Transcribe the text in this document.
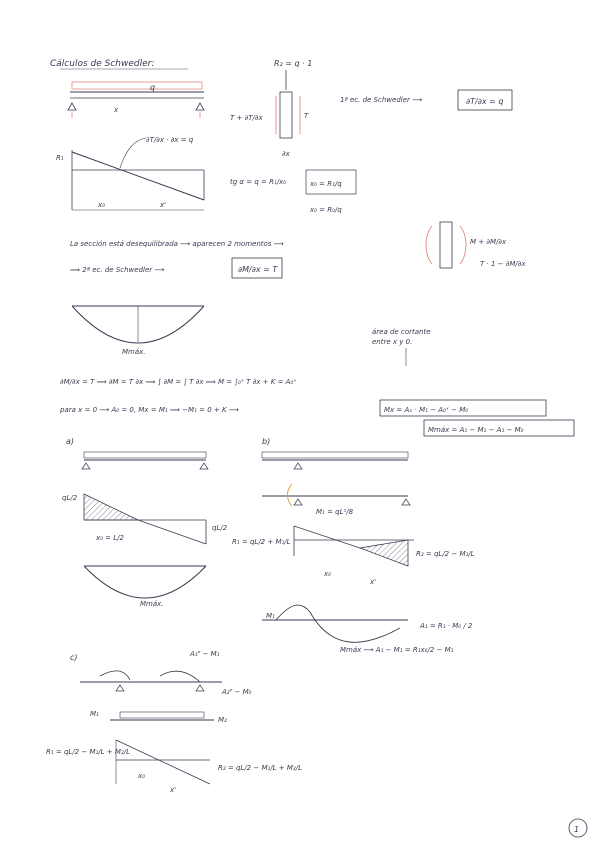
Cálculos de Schwedler:
q
x
R₁
∂T/∂x · ∂x = q
x₀	x'
R₂ = q · 1
T + ∂T/∂x	T
∂x
1ª ec. de Schwedler ⟶	∂T/∂x = q
tg α = q = R₁/x₀	x₀ = R₁/q
x₀ = R₀/q
La sección está desequilibrada ⟶ aparecen 2 momentos ⟶	M + ∂M/∂x
T · 1 − ∂M/∂x
⟹ 2ª ec. de Schwedler ⟶	∂M/∂x = T
Mmáx.
área de cortante
entre x y 0.
∂M/∂x = T ⟹ ∂M = T ∂x ⟹ ∫ ∂M = ∫ T ∂x ⟹ M = ∫₀ˣ T ∂x + K = A₀ˣ
para x = 0 ⟶ A₀ = 0, Mx = M₁ ⟹ −M₁ = 0 + K ⟶	Mx = Aₓ · M₁ − A₀ˣ − M₀
Mmáx = A₁ − M₁ − A₁ − M₀
a)
qL/2
qL/2
x₀ = L/2
Mmáx.
b)
M₁ = qL²/8
R₁ = qL/2 + M₁/L
R₂ = qL/2 − M₁/L
x₀
x'
M₁
A₁ = R₁ · M₀ / 2
Mmáx ⟶ A₁ − M₁ = R₁x₀/2 − M₁
c)	A₁ᴾ − M₁
A₂ᴾ − M₀
M₁
M₂
R₁ = qL/2 − M₁/L + M₂/L
R₂ = qL/2 − M₁/L + M₂/L
x₀
x'
1
